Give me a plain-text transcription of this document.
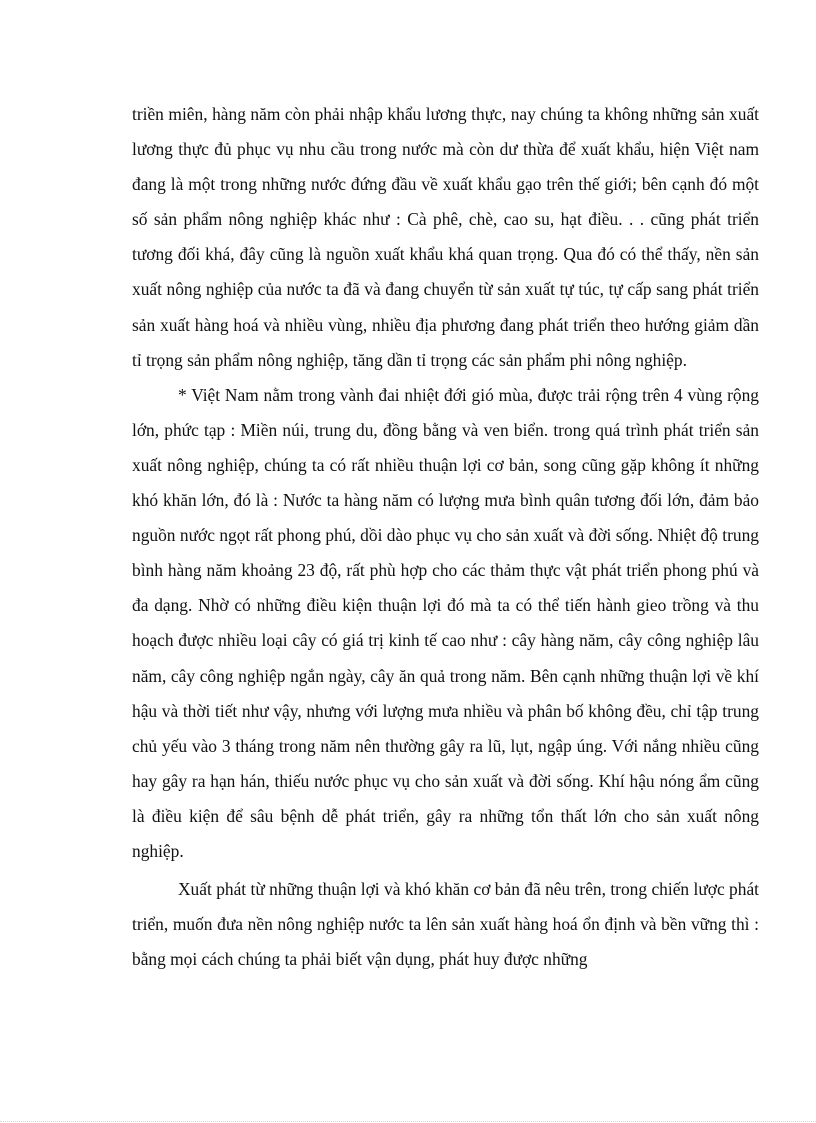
triền miên, hàng năm còn phải nhập khẩu lương thực, nay chúng ta không những sản xuất lương thực đủ phục vụ nhu cầu trong nước mà còn dư thừa để xuất khẩu, hiện Việt nam đang là một trong những nước đứng đầu về xuất khẩu gạo trên thế giới; bên cạnh đó một số sản phẩm nông nghiệp khác như : Cà phê, chè, cao su, hạt điều. . . cũng phát triển tương đối khá, đây cũng là nguồn xuất khẩu khá quan trọng. Qua đó có thể thấy, nền sản xuất nông nghiệp của nước ta đã và đang chuyển từ sản xuất tự túc, tự cấp sang phát triển sản xuất hàng hoá và nhiều vùng, nhiều địa phương đang phát triển theo hướng giảm dần tỉ trọng sản phẩm nông nghiệp, tăng dần tỉ trọng các sản phẩm phi nông nghiệp.

* Việt Nam nằm trong vành đai nhiệt đới gió mùa, được trải rộng trên 4 vùng rộng lớn, phức tạp : Miền núi, trung du, đồng bằng và ven biển. trong quá trình phát triển sản xuất nông nghiệp, chúng ta có rất nhiều thuận lợi cơ bản, song cũng gặp không ít những khó khăn lớn, đó là : Nước ta hàng năm có lượng mưa bình quân tương đối lớn, đảm bảo nguồn nước ngọt rất phong phú, dồi dào phục vụ cho sản xuất và đời sống. Nhiệt độ trung bình hàng năm khoảng 23 độ, rất phù hợp cho các thảm thực vật phát triển phong phú và đa dạng. Nhờ có những điều kiện thuận lợi đó mà ta có thể tiến hành gieo trồng và thu hoạch được nhiều loại cây có giá trị kinh tế cao như : cây hàng năm, cây công nghiệp lâu năm, cây công nghiệp ngắn ngày, cây ăn quả trong năm. Bên cạnh những thuận lợi về khí hậu và thời tiết như vậy, nhưng với lượng mưa nhiều và phân bố không đều, chỉ tập trung chủ yếu vào 3 tháng trong năm nên thường gây ra lũ, lụt, ngập úng. Với nắng nhiều cũng hay gây ra hạn hán, thiếu nước phục vụ cho sản xuất và đời sống. Khí hậu nóng ẩm cũng là điều kiện để sâu bệnh dễ phát triển, gây ra những tổn thất lớn cho sản xuất nông nghiệp.

Xuất phát từ những thuận lợi và khó khăn cơ bản đã nêu trên, trong chiến lược phát triển, muốn đưa nền nông nghiệp nước ta lên sản xuất hàng hoá ổn định và bền vững thì : bằng mọi cách chúng ta phải biết vận dụng, phát huy được những
